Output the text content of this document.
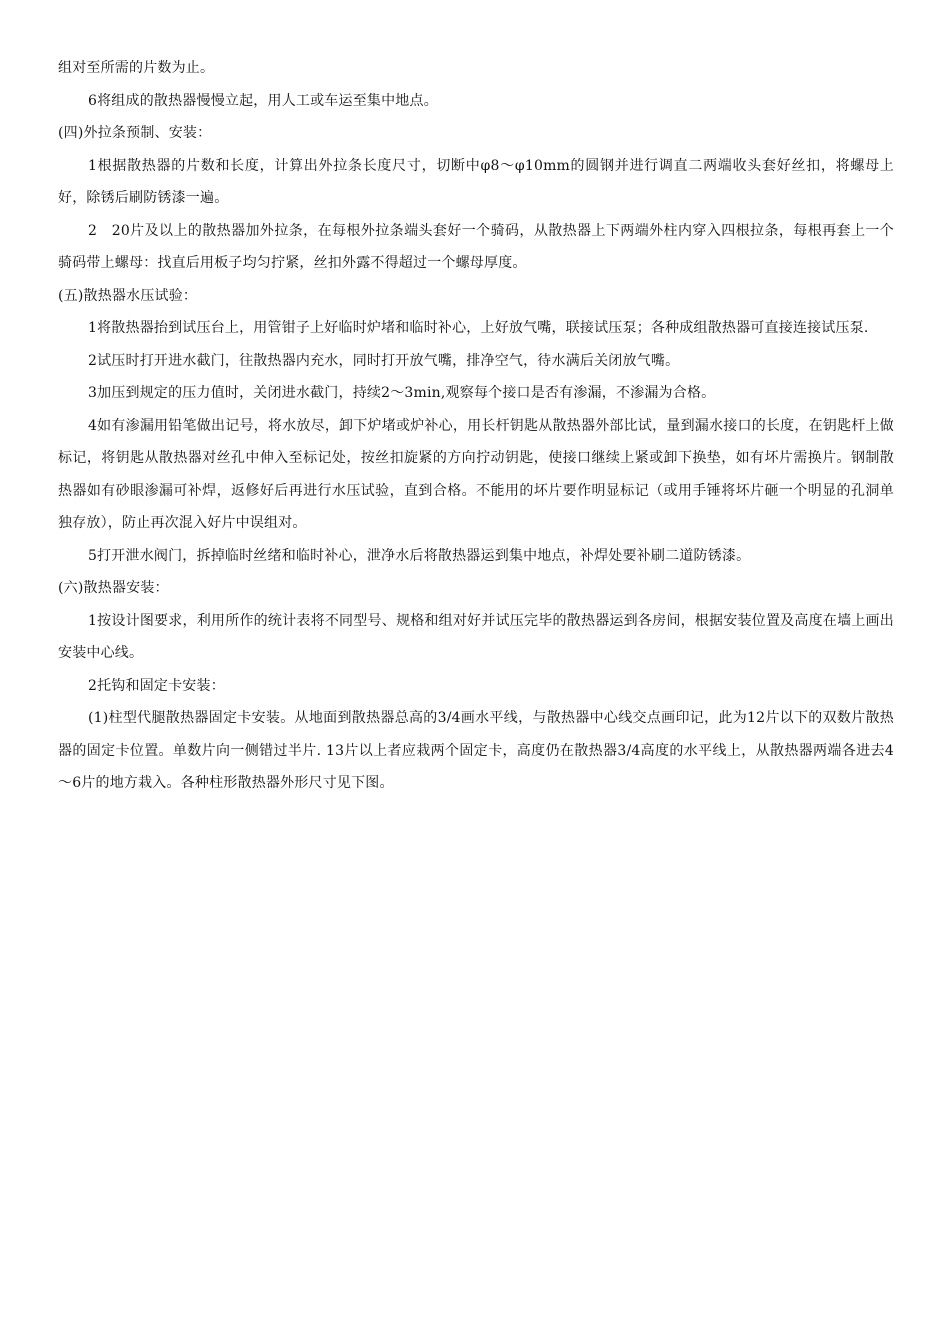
组对至所需的片数为止。

6将组成的散热器慢慢立起，用人工或车运至集中地点。

(四)外拉条预制、安装：

1根据散热器的片数和长度，计算出外拉条长度尺寸，切断中φ8～φ10mm的圆钢并进行调直二两端收头套好丝扣，将螺母上好，除锈后刷防锈漆一遍。

2　20片及以上的散热器加外拉条，在每根外拉条端头套好一个骑码，从散热器上下两端外柱内穿入四根拉条，每根再套上一个骑码带上螺母：找直后用板子均匀拧紧，丝扣外露不得超过一个螺母厚度。

(五)散热器水压试验：

1将散热器抬到试压台上，用管钳子上好临时炉堵和临时补心，上好放气嘴，联接试压泵；各种成组散热器可直接连接试压泵.

2试压时打开进水截门，往散热器内充水，同时打开放气嘴，排净空气，待水满后关闭放气嘴。

3加压到规定的压力值时，关闭进水截门，持续2～3min,观察每个接口是否有渗漏，不渗漏为合格。

4如有渗漏用铅笔做出记号，将水放尽，卸下炉堵或炉补心，用长杆钥匙从散热器外部比试，量到漏水接口的长度，在钥匙杆上做标记，将钥匙从散热器对丝孔中伸入至标记处，按丝扣旋紧的方向拧动钥匙，使接口继续上紧或卸下换垫，如有坏片需换片。钢制散热器如有砂眼渗漏可补焊，返修好后再进行水压试验，直到合格。不能用的坏片要作明显标记（或用手锤将坏片砸一个明显的孔洞单独存放），防止再次混入好片中误组对。

5打开泄水阀门，拆掉临时丝绪和临时补心，泄净水后将散热器运到集中地点，补焊处要补刷二道防锈漆。

(六)散热器安装：

1按设计图要求，利用所作的统计表将不同型号、规格和组对好并试压完毕的散热器运到各房间，根据安装位置及高度在墙上画出安装中心线。

2托钩和固定卡安装：

(1)柱型代腿散热器固定卡安装。从地面到散热器总高的3/4画水平线，与散热器中心线交点画印记，此为12片以下的双数片散热器的固定卡位置。单数片向一侧错过半片. 13片以上者应栽两个固定卡，高度仍在散热器3/4高度的水平线上，从散热器两端各进去4～6片的地方栽入。各种柱形散热器外形尺寸见下图。
